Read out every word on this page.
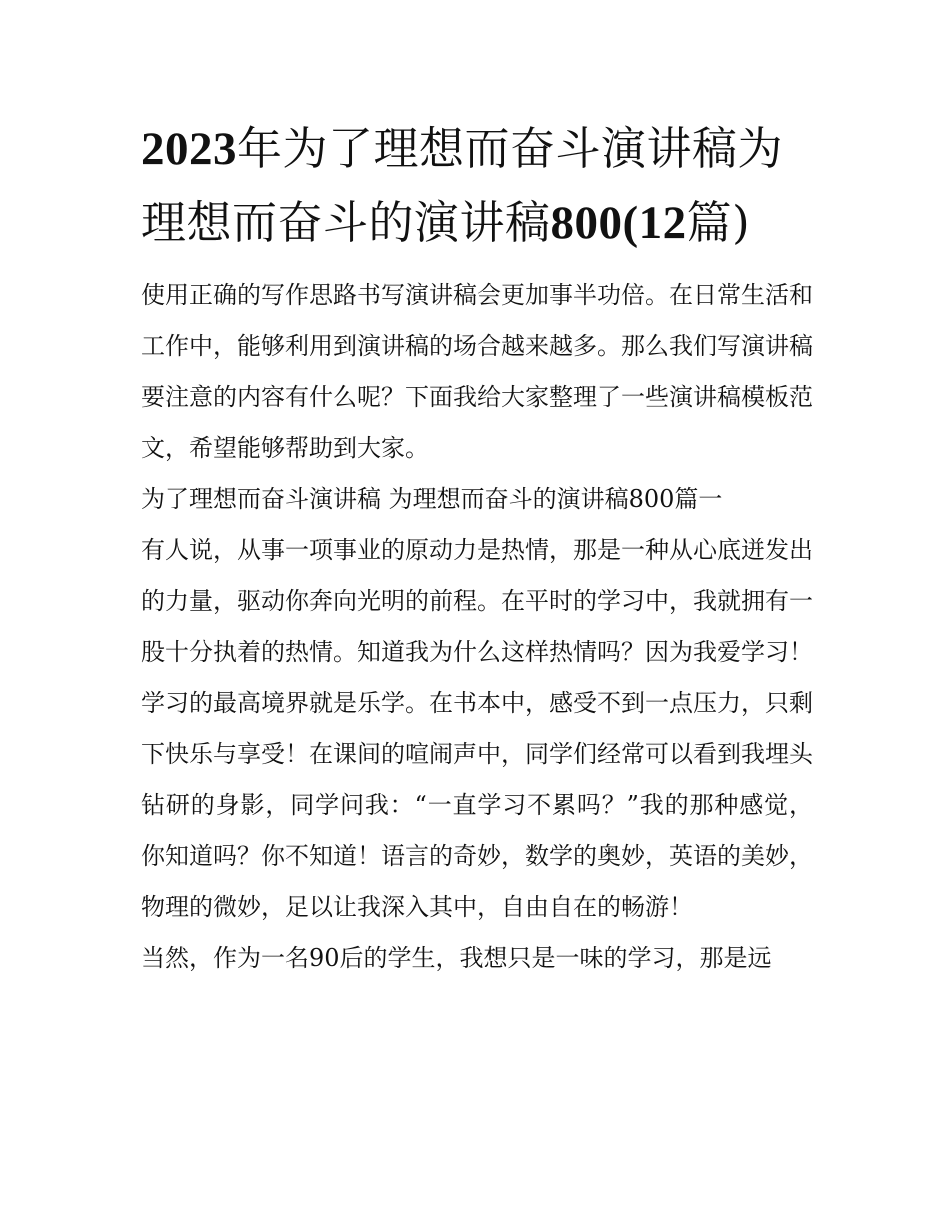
2023年为了理想而奋斗演讲稿为理想而奋斗的演讲稿800(12篇)

使用正确的写作思路书写演讲稿会更加事半功倍。在日常生活和工作中，能够利用到演讲稿的场合越来越多。那么我们写演讲稿要注意的内容有什么呢？下面我给大家整理了一些演讲稿模板范文，希望能够帮助到大家。

为了理想而奋斗演讲稿 为理想而奋斗的演讲稿800篇一

有人说，从事一项事业的原动力是热情，那是一种从心底迸发出的力量，驱动你奔向光明的前程。在平时的学习中，我就拥有一股十分执着的热情。知道我为什么这样热情吗？因为我爱学习！学习的最高境界就是乐学。在书本中，感受不到一点压力，只剩下快乐与享受！在课间的喧闹声中，同学们经常可以看到我埋头钻研的身影，同学问我：“一直学习不累吗？”我的那种感觉，你知道吗？你不知道！语言的奇妙，数学的奥妙，英语的美妙，物理的微妙，足以让我深入其中，自由自在的畅游！

当然，作为一名90后的学生，我想只是一味的学习，那是远
